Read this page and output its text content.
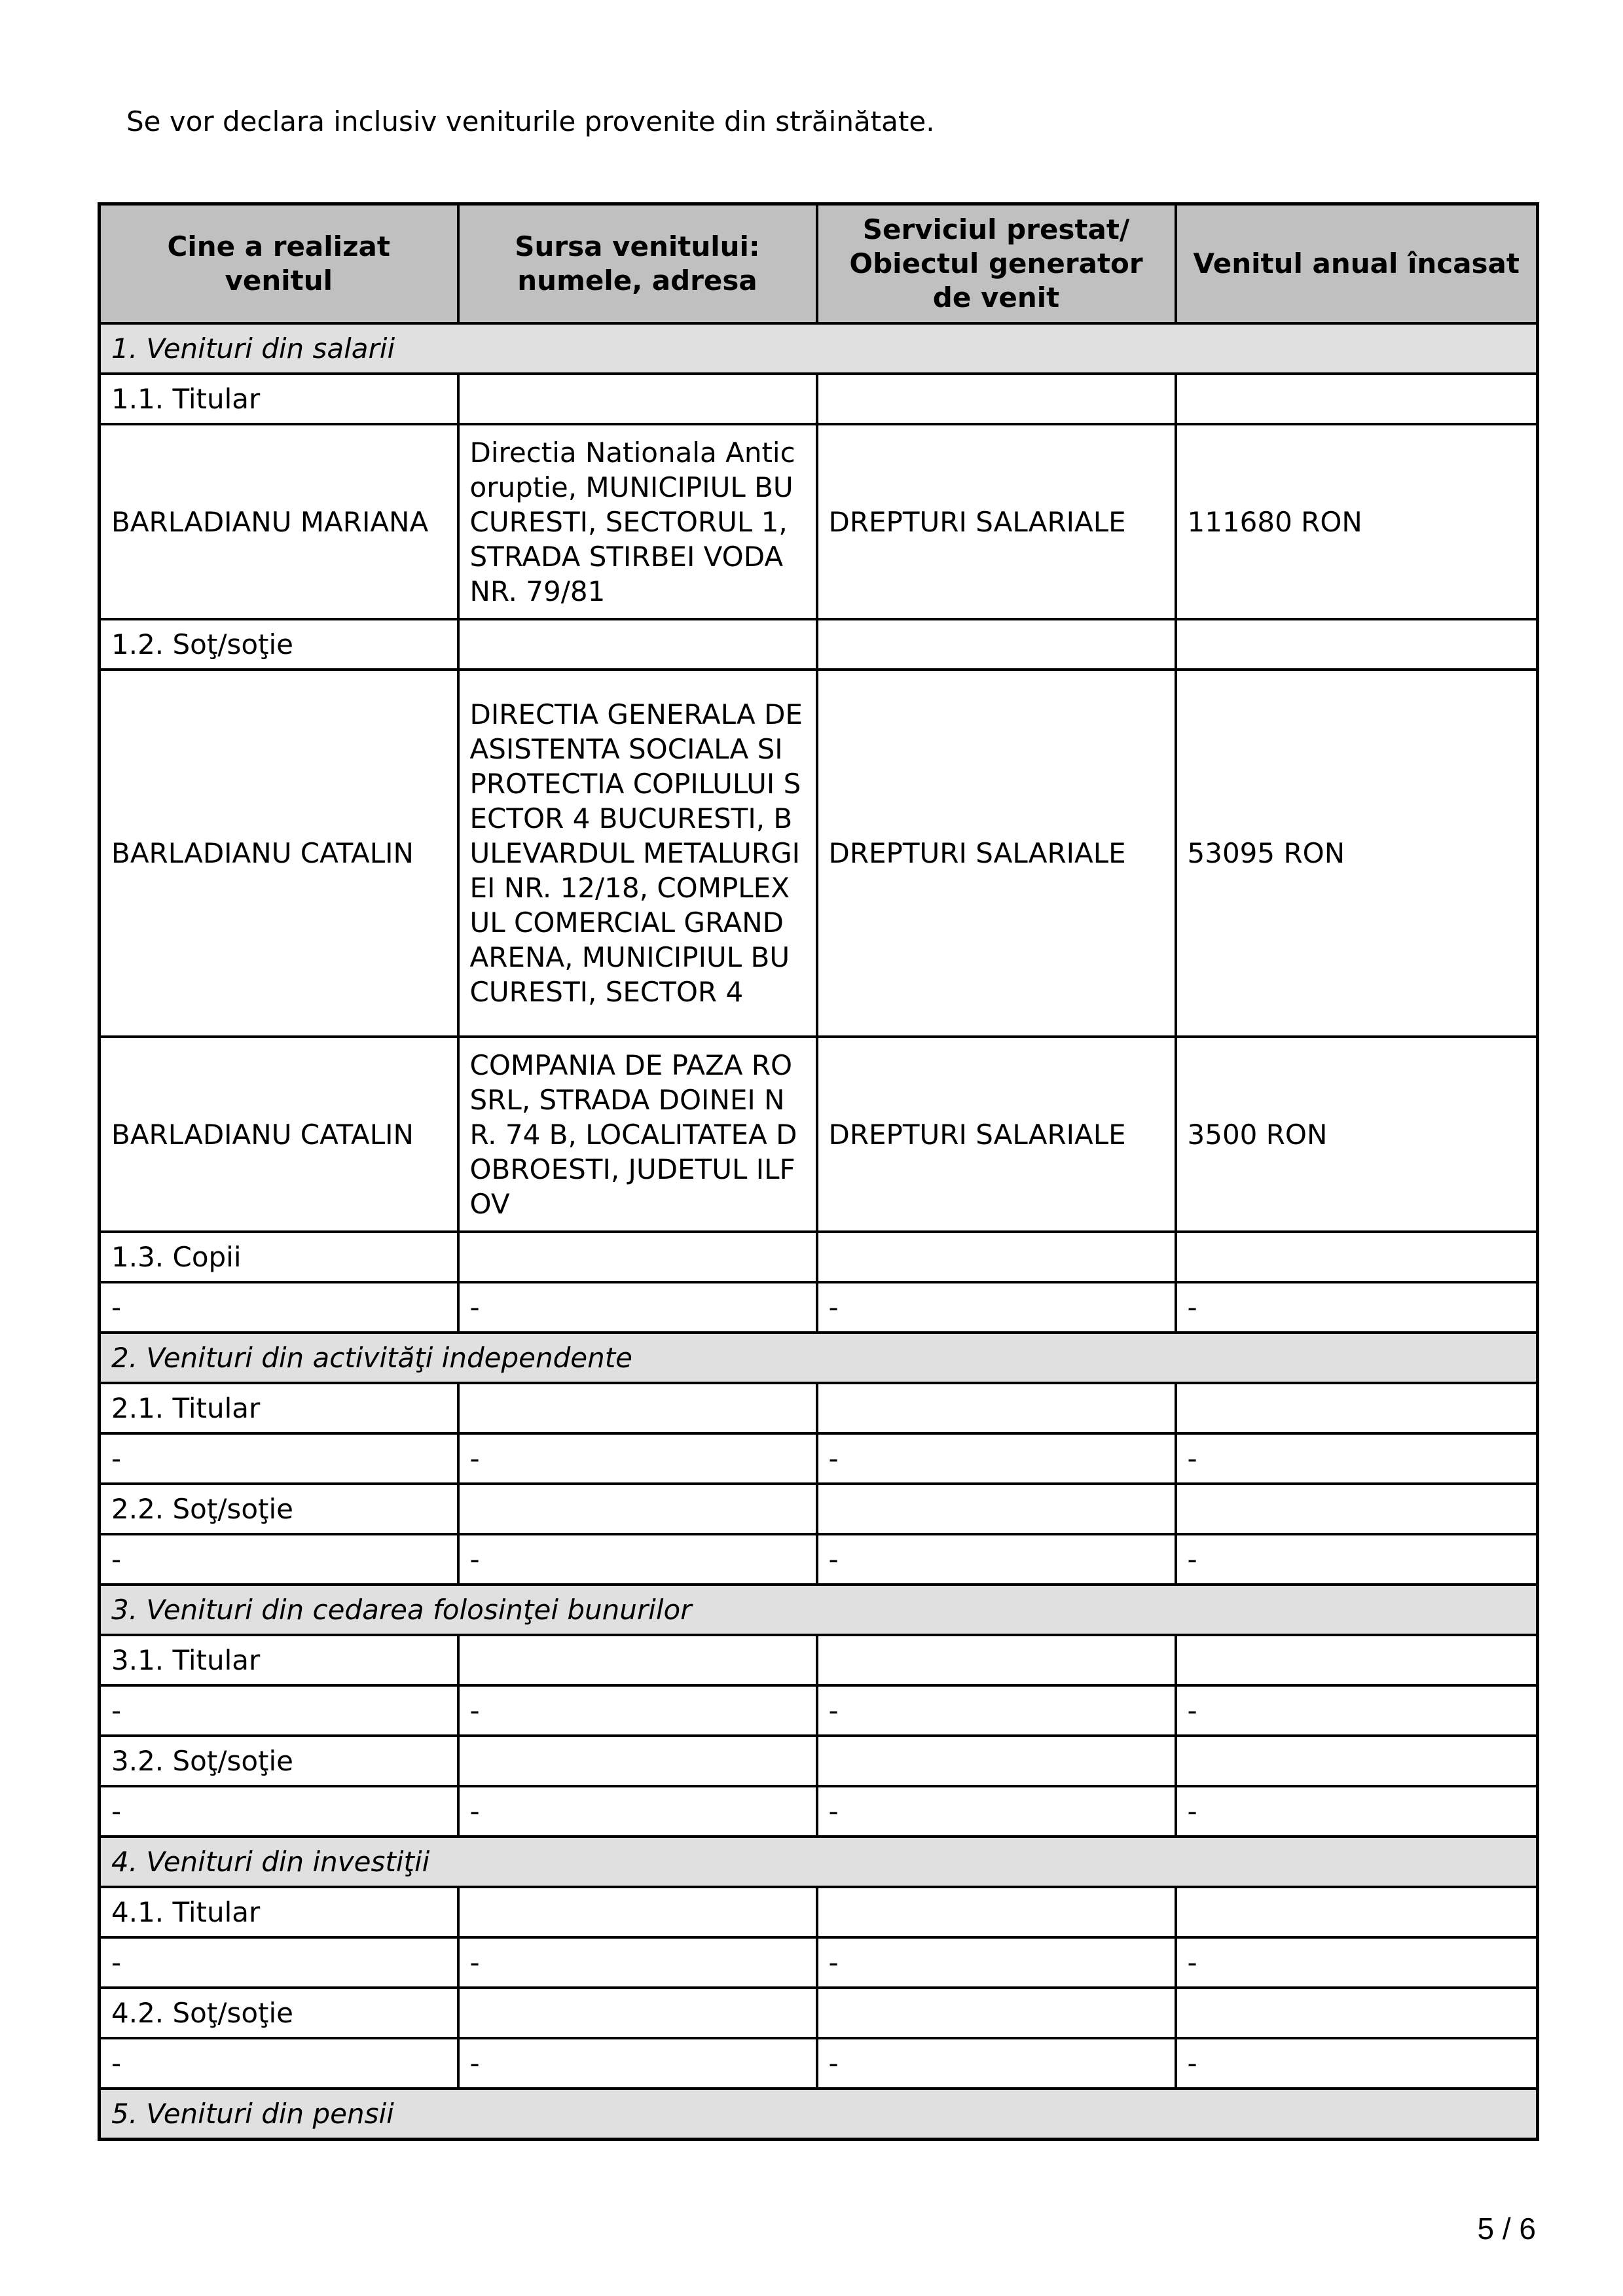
Se vor declara inclusiv veniturile provenite din străinătate.
Cine a realizat venitul	Sursa venitului: numele, adresa	Serviciul prestat/ Obiectul generator de venit	Venitul anual încasat
1. Venituri din salarii			
1.1. Titular			
BARLADIANU MARIANA	Directia Nationala Anticoruptie, MUNICIPIUL BUCURESTI, SECTORUL 1, STRADA STIRBEI VODA NR. 79/81	DREPTURI SALARIALE	111680 RON
1.2. Soţ/soţie			
BARLADIANU CATALIN	DIRECTIA GENERALA DE ASISTENTA SOCIALA SI PROTECTIA COPILULUI SECTOR 4 BUCURESTI, BULEVARDUL METALURGIEI NR. 12/18, COMPLEXUL COMERCIAL GRAND ARENA, MUNICIPIUL BUCURESTI, SECTOR 4	DREPTURI SALARIALE	53095 RON
BARLADIANU CATALIN	COMPANIA DE PAZA RO SRL, STRADA DOINEI NR. 74 B, LOCALITATEA DOBROESTI, JUDETUL ILFOV	DREPTURI SALARIALE	3500 RON
1.3. Copii			
-	-	-	-
2. Venituri din activităţi independente			
2.1. Titular			
-	-	-	-
2.2. Soţ/soţie			
-	-	-	-
3. Venituri din cedarea folosinţei bunurilor			
3.1. Titular			
-	-	-	-
3.2. Soţ/soţie			
-	-	-	-
4. Venituri din investiţii			
4.1. Titular			
-	-	-	-
4.2. Soţ/soţie			
-	-	-	-
5. Venituri din pensii			
5 / 6
